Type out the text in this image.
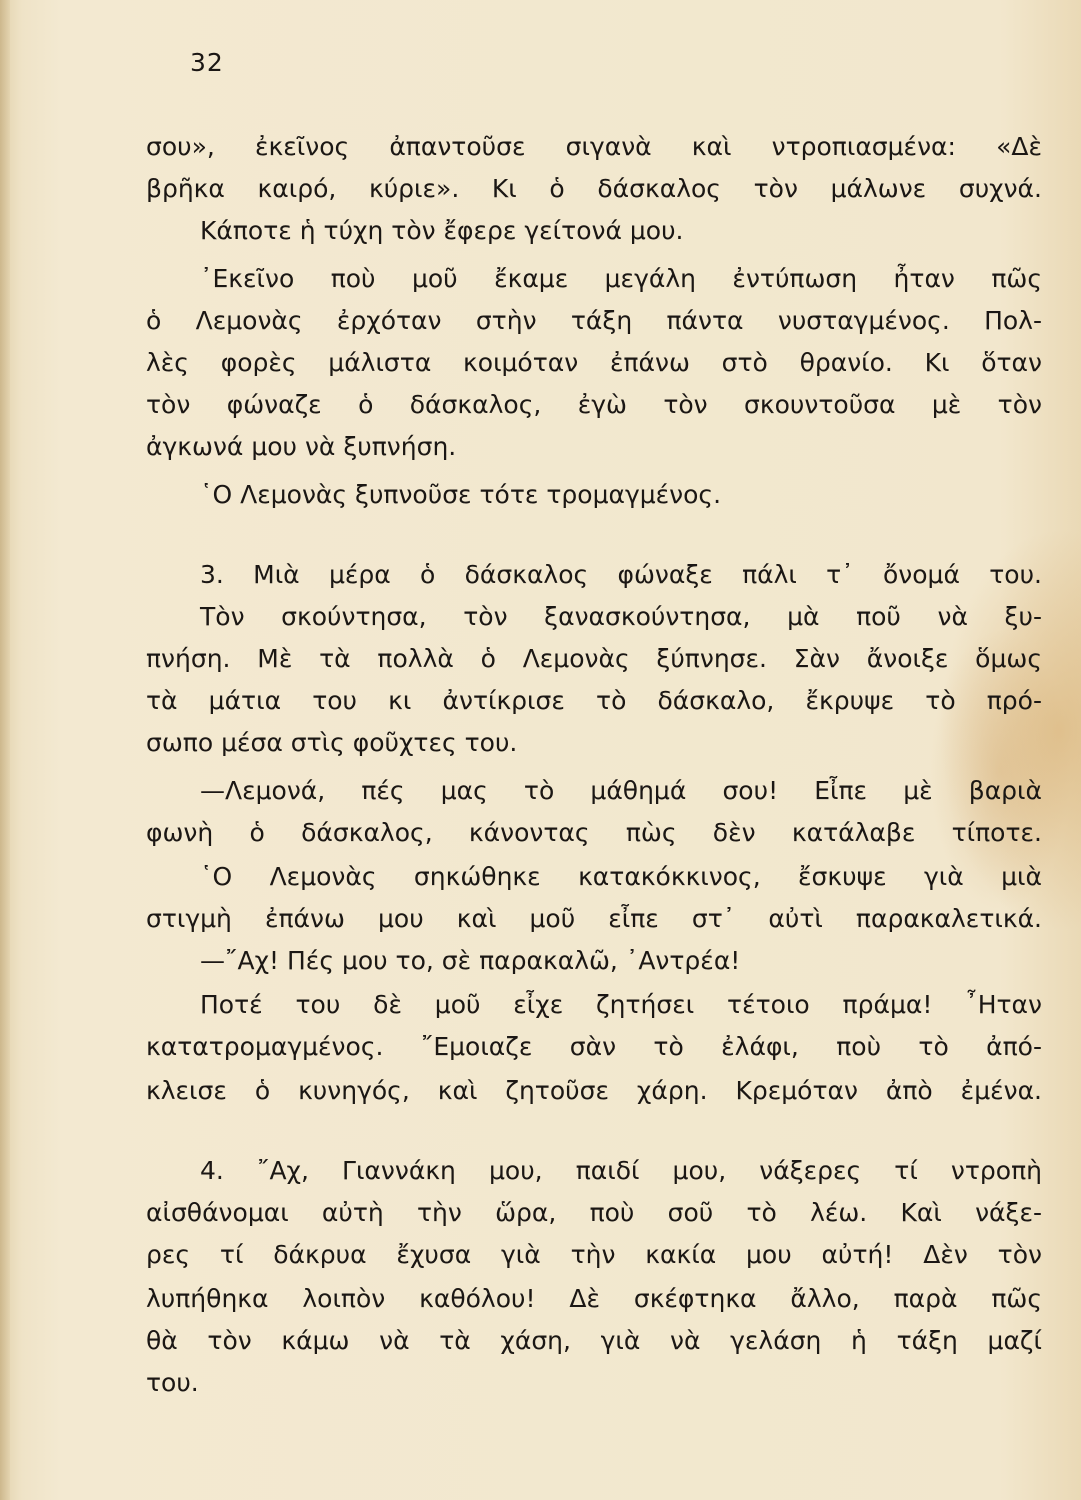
32
σου», ἐκεῖνος ἀπαντοῦσε σιγανὰ καὶ ντροπιασμένα: «Δὲ
βρῆκα καιρό, κύριε». Κι ὁ δάσκαλος τὸν μάλωνε συχνά.
Κάποτε ἡ τύχη τὸν ἔφερε γείτονά μου.
᾿Εκεῖνο ποὺ μοῦ ἔκαμε μεγάλη ἐντύπωση ἦταν πῶς
ὁ Λεμονὰς ἐρχόταν στὴν τάξη πάντα νυσταγμένος. Πολ-
λὲς φορὲς μάλιστα κοιμόταν ἐπάνω στὸ θρανίο. Κι ὅταν
τὸν φώναζε ὁ δάσκαλος, ἐγὼ τὸν σκουντοῦσα μὲ τὸν
ἀγκωνά μου νὰ ξυπνήση.
῾Ο Λεμονὰς ξυπνοῦσε τότε τρομαγμένος.
3. Μιὰ μέρα ὁ δάσκαλος φώναξε πάλι τ᾿ ὄνομά του.
Τὸν σκούντησα, τὸν ξανασκούντησα, μὰ ποῦ νὰ ξυ-
πνήση. Μὲ τὰ πολλὰ ὁ Λεμονὰς ξύπνησε. Σὰν ἄνοιξε ὅμως
τὰ μάτια του κι ἀντίκρισε τὸ δάσκαλο, ἔκρυψε τὸ πρό-
σωπο μέσα στὶς φοῦχτες του.
—Λεμονά, πές μας τὸ μάθημά σου! Εἶπε μὲ βαριὰ
φωνὴ ὁ δάσκαλος, κάνοντας πὼς δὲν κατάλαβε τίποτε.
῾Ο Λεμονὰς σηκώθηκε κατακόκκινος, ἔσκυψε γιὰ μιὰ
στιγμὴ ἐπάνω μου καὶ μοῦ εἶπε στ᾿ αὐτὶ παρακαλετικά.
—῎Αχ! Πές μου το, σὲ παρακαλῶ, ᾿Αντρέα!
Ποτέ του δὲ μοῦ εἶχε ζητήσει τέτοιο πράμα! ῏Ηταν
κατατρομαγμένος. ῎Εμοιαζε σὰν τὸ ἐλάφι, ποὺ τὸ ἀπό-
κλεισε ὁ κυνηγός, καὶ ζητοῦσε χάρη. Κρεμόταν ἀπὸ ἐμένα.
4. ῎Αχ, Γιαννάκη μου, παιδί μου, νάξερες τί ντροπὴ
αἰσθάνομαι αὐτὴ τὴν ὥρα, ποὺ σοῦ τὸ λέω. Καὶ νάξε-
ρες τί δάκρυα ἔχυσα γιὰ τὴν κακία μου αὐτή! Δὲν τὸν
λυπήθηκα λοιπὸν καθόλου! Δὲ σκέφτηκα ἄλλο, παρὰ πῶς
θὰ τὸν κάμω νὰ τὰ χάση, γιὰ νὰ γελάση ἡ τάξη μαζί
του.
